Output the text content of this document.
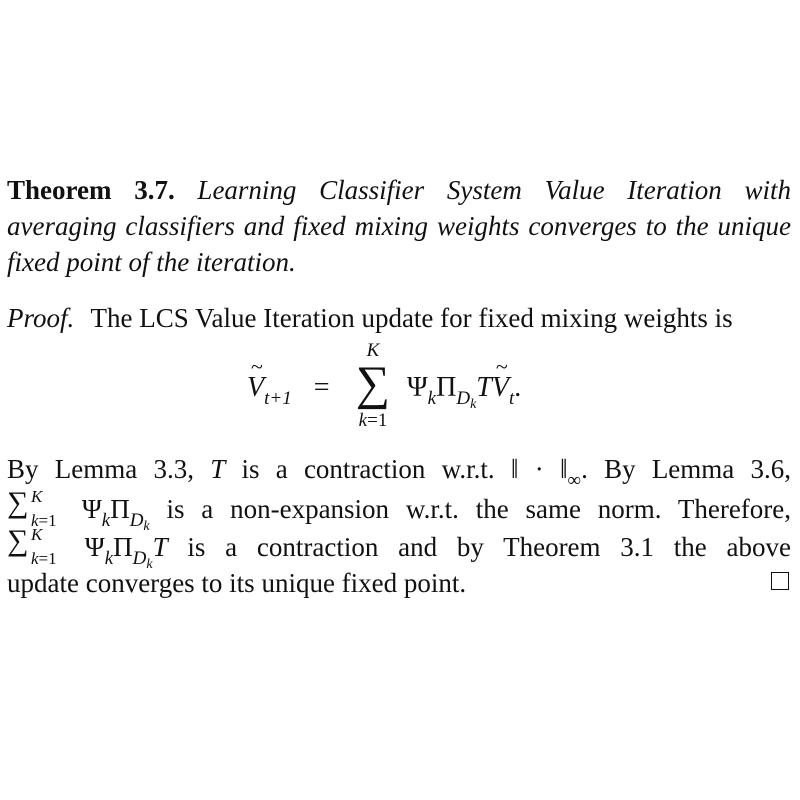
Theorem 3.7. Learning Classifier System Value Iteration with averaging classifiers and fixed mixing weights converges to the unique fixed point of the iteration.

Proof. The LCS Value Iteration update for fixed mixing weights is

~
$V_{t+1}$ =
K
∑
k=1
$\Psi_k\Pi_{D_k}T$
~
$V_t$.
By Lemma 3.3, T is a contraction w.r.t. ‖ · $‖_\infty$. By Lemma 3.6,
∑ K
k=1 $\Psi_k\Pi_{D_k}$ is a non-expansion w.r.t. the same norm. Therefore,
∑ K
k=1 $\Psi_k\Pi_{D_k}T$ is a contraction and by Theorem 3.1 the above
update converges to its unique fixed point.
